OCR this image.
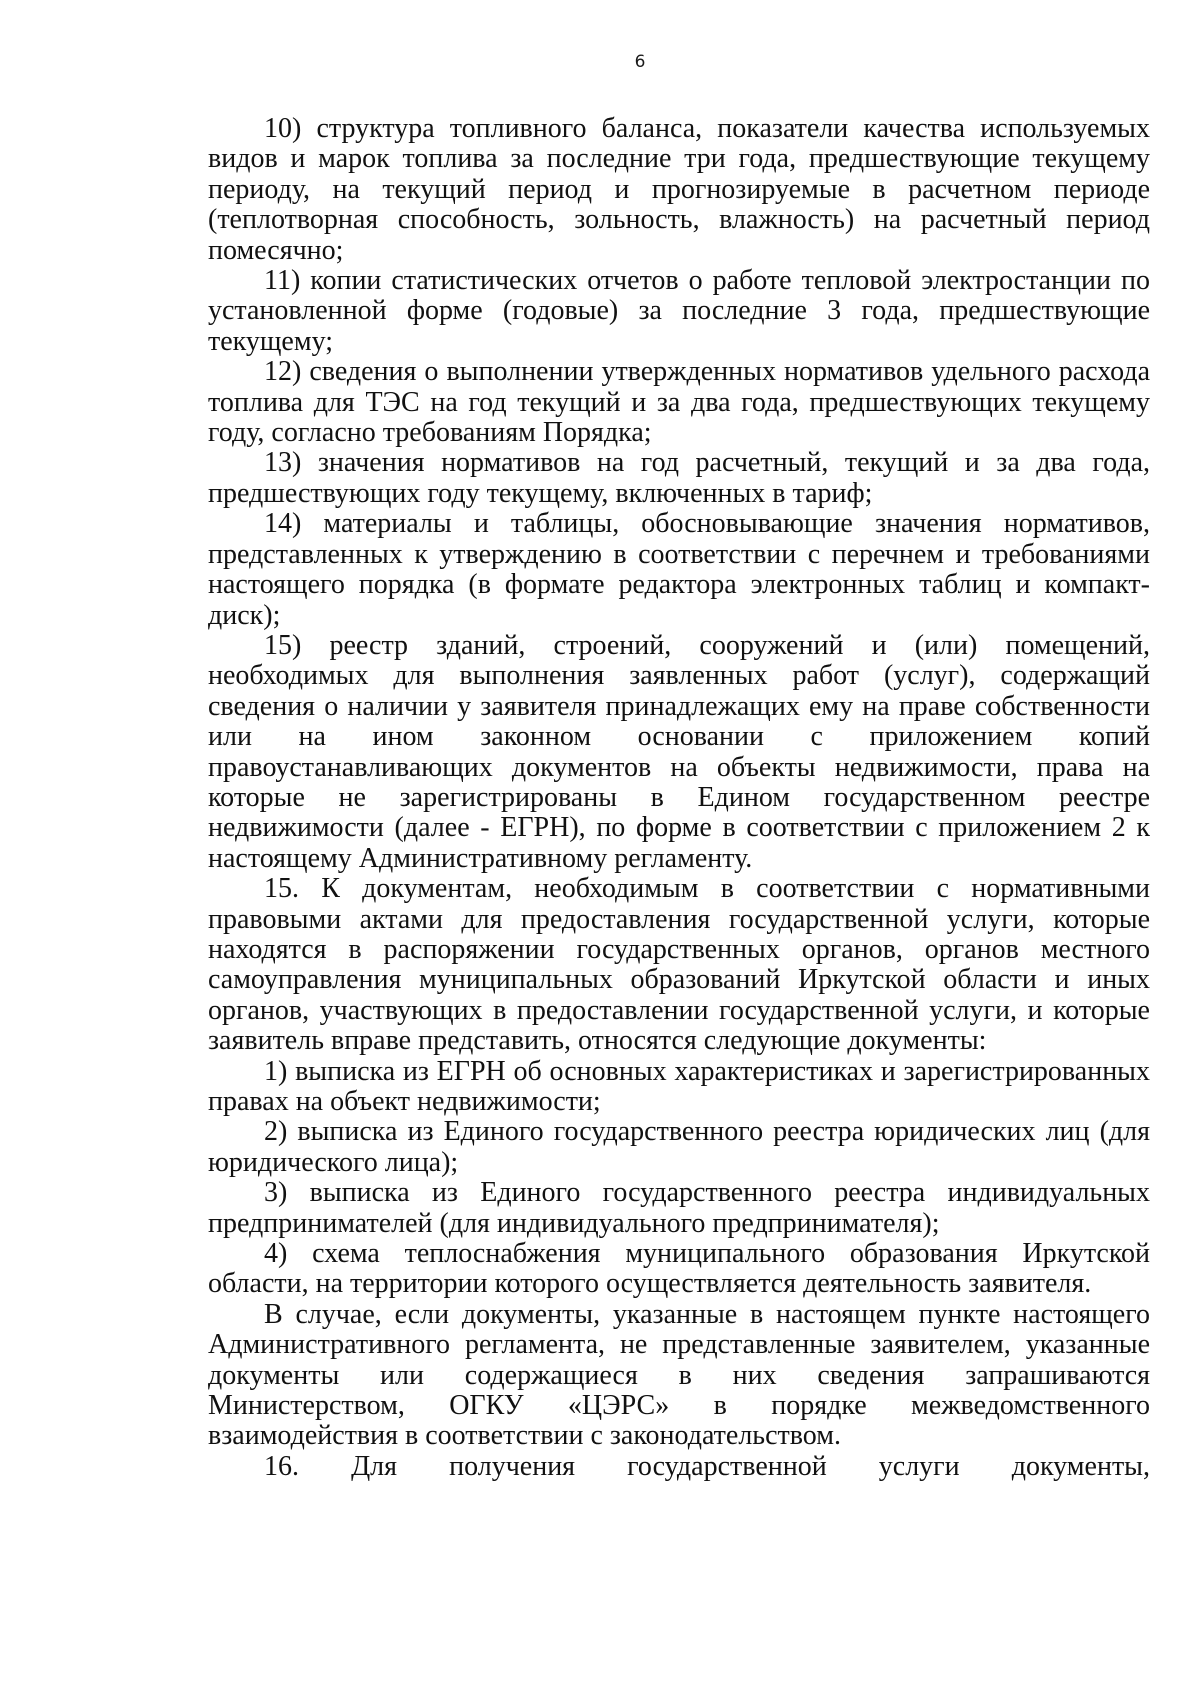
6

10) структура топливного баланса, показатели качества используемых видов и марок топлива за последние три года, предшествующие текущему периоду, на текущий период и прогнозируемые в расчетном периоде (теплотворная способность, зольность, влажность) на расчетный период помесячно;

11) копии статистических отчетов о работе тепловой электростанции по установленной форме (годовые) за последние 3 года, предшествующие текущему;

12) сведения о выполнении утвержденных нормативов удельного расхода топлива для ТЭС на год текущий и за два года, предшествующих текущему году, согласно требованиям Порядка;

13) значения нормативов на год расчетный, текущий и за два года, предшествующих году текущему, включенных в тариф;

14) материалы и таблицы, обосновывающие значения нормативов, представленных к утверждению в соответствии с перечнем и требованиями настоящего порядка (в формате редактора электронных таблиц и компакт-диск);

15) реестр зданий, строений, сооружений и (или) помещений, необходимых для выполнения заявленных работ (услуг), содержащий сведения о наличии у заявителя принадлежащих ему на праве собственности или на ином законном основании с приложением копий правоустанавливающих документов на объекты недвижимости, права на которые не зарегистрированы в Едином государственном реестре недвижимости (далее - ЕГРН), по форме в соответствии с приложением 2 к настоящему Административному регламенту.

15. К документам, необходимым в соответствии с нормативными правовыми актами для предоставления государственной услуги, которые находятся в распоряжении государственных органов, органов местного самоуправления муниципальных образований Иркутской области и иных органов, участвующих в предоставлении государственной услуги, и которые заявитель вправе представить, относятся следующие документы:

1) выписка из ЕГРН об основных характеристиках и зарегистрированных правах на объект недвижимости;

2) выписка из Единого государственного реестра юридических лиц (для юридического лица);

3) выписка из Единого государственного реестра индивидуальных предпринимателей (для индивидуального предпринимателя);

4) схема теплоснабжения муниципального образования Иркутской области, на территории которого осуществляется деятельность заявителя.

В случае, если документы, указанные в настоящем пункте настоящего Административного регламента, не представленные заявителем, указанные документы или содержащиеся в них сведения запрашиваются Министерством, ОГКУ «ЦЭРС» в порядке межведомственного взаимодействия в соответствии с законодательством.

16. Для получения государственной услуги документы,
